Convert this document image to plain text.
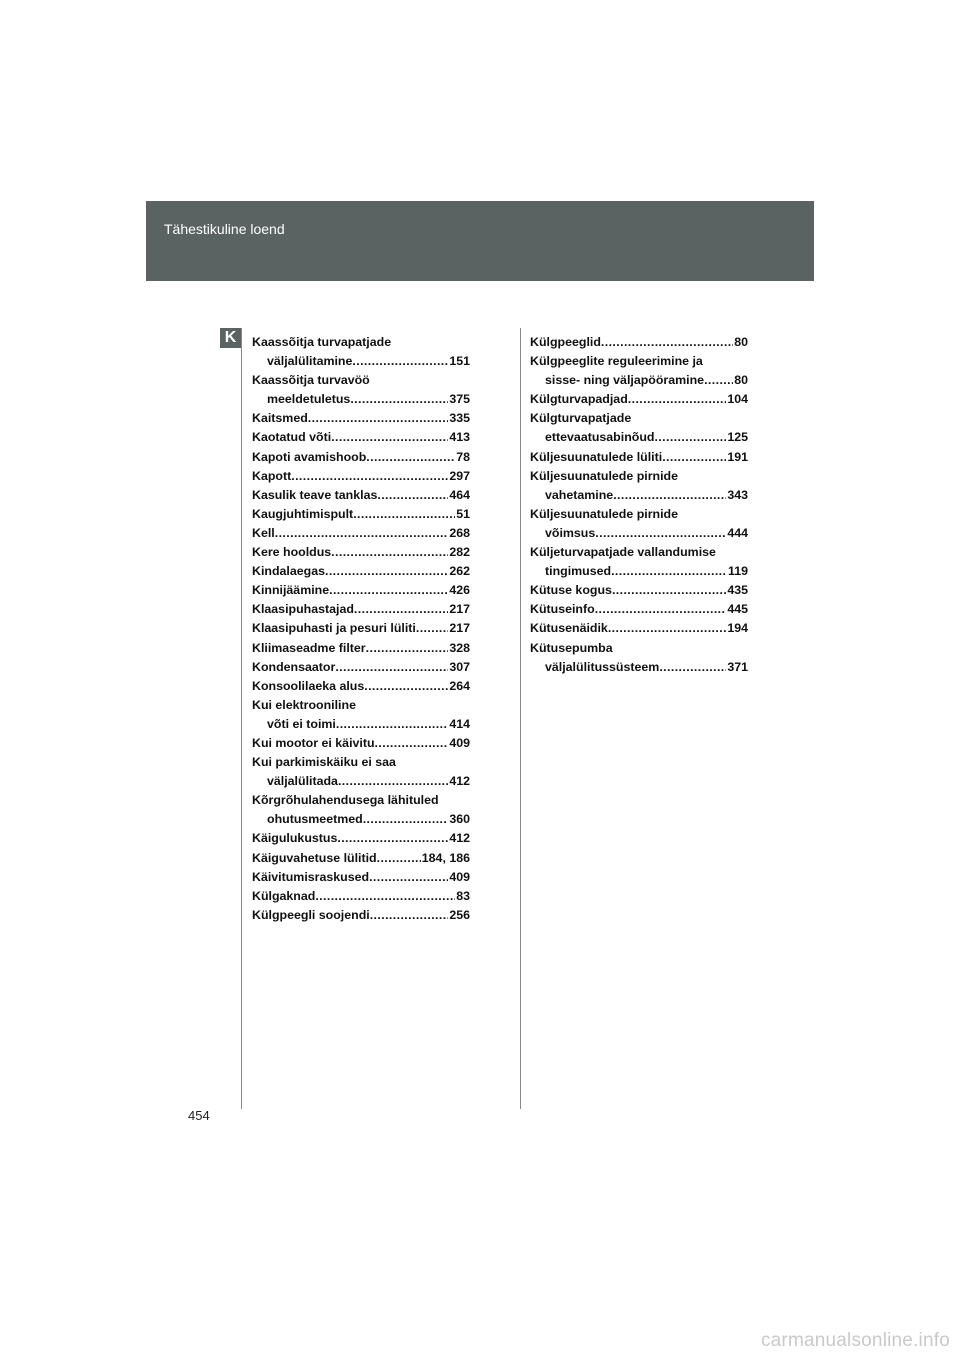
Tähestikuline loend
K	Kaassõitja turvapatjade
väljalülitamine .....	151
Kaassõitja turvavöö
meeldetuletus .....	375
Kaitsmed .....	335
Kaotatud võti .....	413
Kapoti avamishoob .....	78
Kapott .....	297
Kasulik teave tanklas .....	464
Kaugjuhtimispult .....	51
Kell .....	268
Kere hooldus .....	282
Kindalaegas .....	262
Kinnijäämine .....	426
Klaasipuhastajad .....	217
Klaasipuhasti ja pesuri lüliti .....	217
Kliimaseadme filter .....	328
Kondensaator .....	307
Konsoolilaeka alus .....	264
Kui elektrooniline
võti ei toimi .....	414
Kui mootor ei käivitu .....	409
Kui parkimiskäiku ei saa
väljalülitada .....	412
Kõrgrõhulahendusega lähituled
ohutusmeetmed .....	360
Käigulukustus .....	412
Käiguvahetuse lülitid .....	184, 186
Käivitumisraskused .....	409
Külgaknad .....	83
Külgpeegli soojendi .....	256
Külgpeeglid .....	80
Külgpeeglite reguleerimine ja
sisse- ning väljapööramine ..... 80
Külgturvapadjad .....	104
Külgturvapatjade
ettevaatusabinõud .....	125
Küljesuunatulede lüliti .....	191
Küljesuunatulede pirnide
vahetamine .....	343
Küljesuunatulede pirnide
võimsus .....	444
Küljeturvapatjade vallandumise
tingimused .....	119
Kütuse kogus .....	435
Kütuseinfo .....	445
Kütusenäidik .....	194
Kütusepumba
väljalülitussüsteem .....	371
454
carmanualsonline.info
